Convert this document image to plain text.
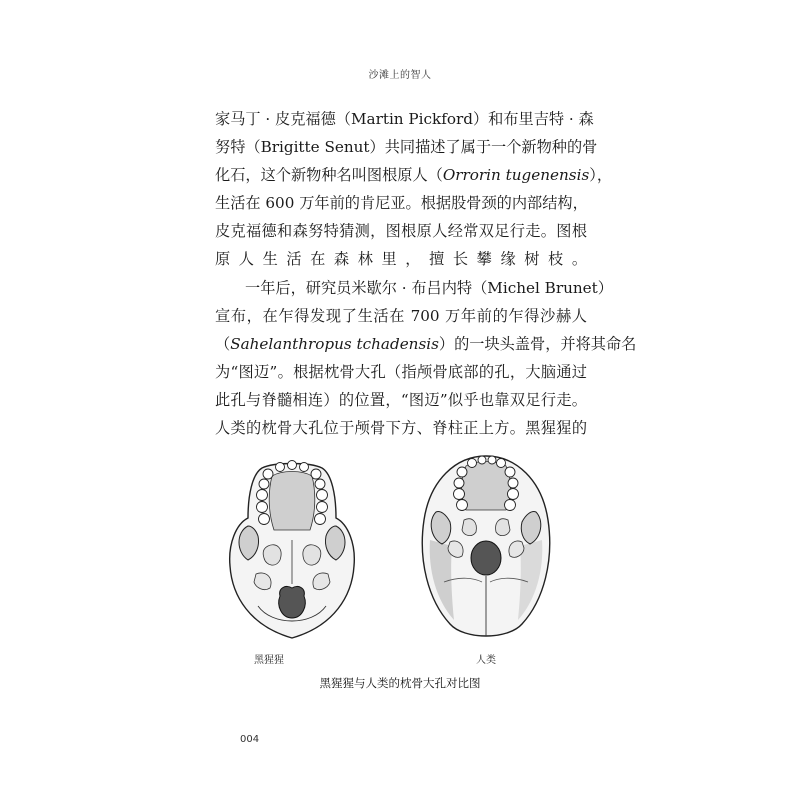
沙滩上的智人
家马丁 · 皮克福德（Martin Pickford）和布里吉特 · 森
努特（Brigitte Senut）共同描述了属于一个新物种的骨
化石，这个新物种名叫图根原人（Orrorin tugenensis），
生活在 600 万年前的肯尼亚。根据股骨颈的内部结构，
皮克福德和森努特猜测，图根原人经常双足行走。图根
原人生活在森林里，擅长攀缘树枝。
一年后，研究员米歇尔 · 布吕内特（Michel Brunet）
宣布，在乍得发现了生活在 700 万年前的乍得沙赫人
（Sahelanthropus tchadensis）的一块头盖骨，并将其命名
为“图迈”。根据枕骨大孔（指颅骨底部的孔，大脑通过
此孔与脊髓相连）的位置，“图迈”似乎也靠双足行走。
人类的枕骨大孔位于颅骨下方、脊柱正上方。黑猩猩的
黑猩猩	人类
黑猩猩与人类的枕骨大孔对比图
004
